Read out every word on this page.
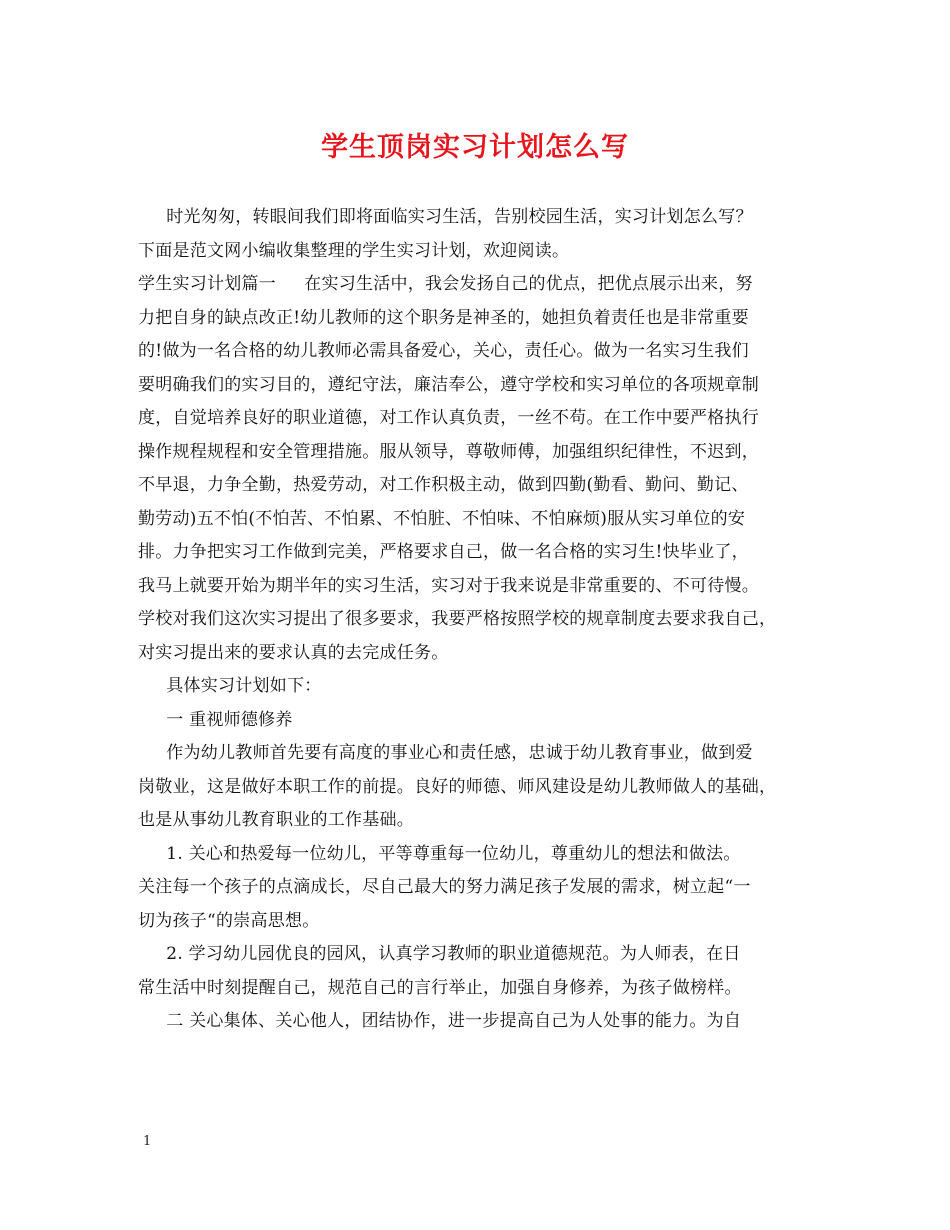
学生顶岗实习计划怎么写
时光匆匆，转眼间我们即将面临实习生活，告别校园生活，实习计划怎么写？
下面是范文网小编收集整理的学生实习计划，欢迎阅读。
学生实习计划篇一     在实习生活中，我会发扬自己的优点，把优点展示出来，努
力把自身的缺点改正!幼儿教师的这个职务是神圣的，她担负着责任也是非常重要
的!做为一名合格的幼儿教师必需具备爱心，关心，责任心。做为一名实习生我们
要明确我们的实习目的，遵纪守法，廉洁奉公，遵守学校和实习单位的各项规章制
度，自觉培养良好的职业道德，对工作认真负责，一丝不苟。在工作中要严格执行
操作规程规程和安全管理措施。服从领导，尊敬师傅，加强组织纪律性，不迟到，
不早退，力争全勤，热爱劳动，对工作积极主动，做到四勤(勤看、勤问、勤记、
勤劳动)五不怕(不怕苦、不怕累、不怕脏、不怕味、不怕麻烦)服从实习单位的安
排。力争把实习工作做到完美，严格要求自己，做一名合格的实习生!快毕业了，
我马上就要开始为期半年的实习生活，实习对于我来说是非常重要的、不可待慢。
学校对我们这次实习提出了很多要求，我要严格按照学校的规章制度去要求我自己，
对实习提出来的要求认真的去完成任务。
具体实习计划如下：
一 重视师德修养
作为幼儿教师首先要有高度的事业心和责任感，忠诚于幼儿教育事业，做到爱
岗敬业，这是做好本职工作的前提。良好的师德、师风建设是幼儿教师做人的基础，
也是从事幼儿教育职业的工作基础。
1. 关心和热爱每一位幼儿，平等尊重每一位幼儿，尊重幼儿的想法和做法。
关注每一个孩子的点滴成长，尽自己最大的努力满足孩子发展的需求，树立起“一
切为孩子“的崇高思想。
2. 学习幼儿园优良的园风，认真学习教师的职业道德规范。为人师表，在日
常生活中时刻提醒自己，规范自己的言行举止，加强自身修养，为孩子做榜样。
二 关心集体、关心他人，团结协作，进一步提高自己为人处事的能力。为自
1
